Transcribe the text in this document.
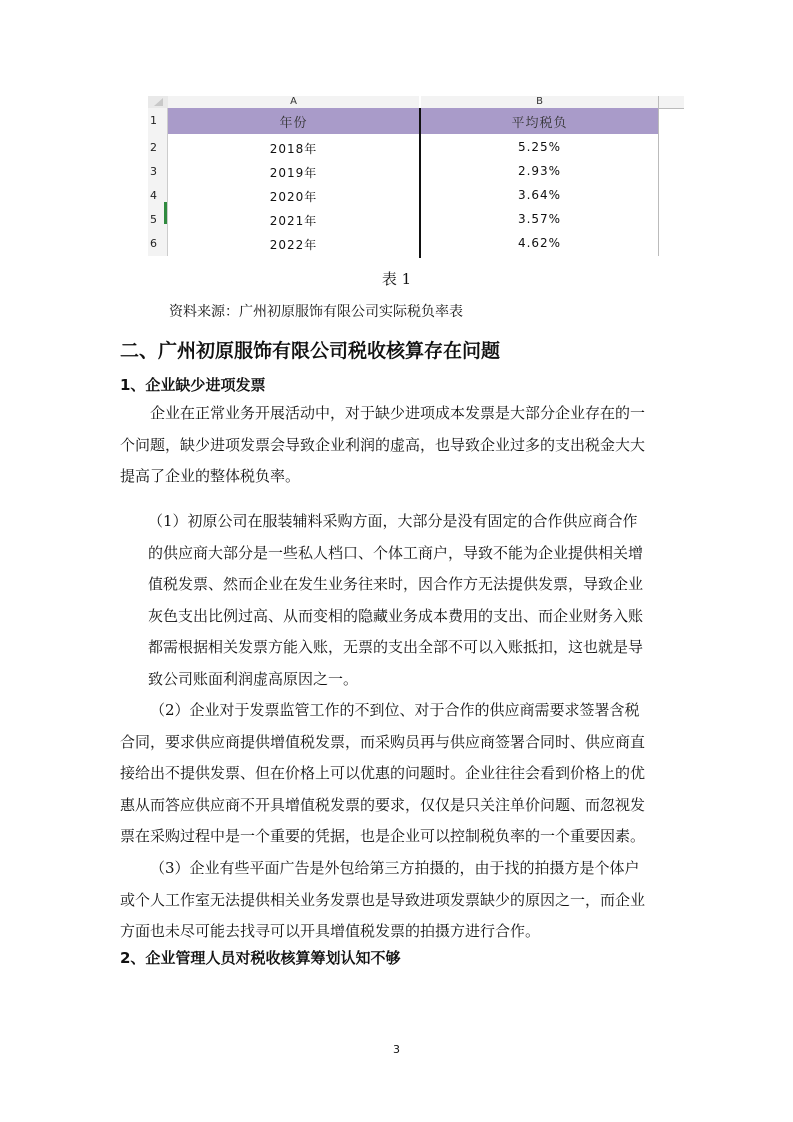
A	B
1
2
3
4
5
6
年份	平均税负
2018年	5.25%
2019年	2.93%
2020年	3.64%
2021年	3.57%
2022年	4.62%
表 1
资料来源：广州初原服饰有限公司实际税负率表
二、广州初原服饰有限公司税收核算存在问题
1、企业缺少进项发票
企业在正常业务开展活动中，对于缺少进项成本发票是大部分企业存在的一
个问题，缺少进项发票会导致企业利润的虚高，也导致企业过多的支出税金大大
提高了企业的整体税负率。
（1）初原公司在服装辅料采购方面，大部分是没有固定的合作供应商合作
的供应商大部分是一些私人档口、个体工商户，导致不能为企业提供相关增
值税发票、然而企业在发生业务往来时，因合作方无法提供发票，导致企业
灰色支出比例过高、从而变相的隐藏业务成本费用的支出、而企业财务入账
都需根据相关发票方能入账，无票的支出全部不可以入账抵扣，这也就是导
致公司账面利润虚高原因之一。
（2）企业对于发票监管工作的不到位、对于合作的供应商需要求签署含税
合同，要求供应商提供增值税发票，而采购员再与供应商签署合同时、供应商直
接给出不提供发票、但在价格上可以优惠的问题时。企业往往会看到价格上的优
惠从而答应供应商不开具增值税发票的要求，仅仅是只关注单价问题、而忽视发
票在采购过程中是一个重要的凭据，也是企业可以控制税负率的一个重要因素。
（3）企业有些平面广告是外包给第三方拍摄的，由于找的拍摄方是个体户
或个人工作室无法提供相关业务发票也是导致进项发票缺少的原因之一，而企业
方面也未尽可能去找寻可以开具增值税发票的拍摄方进行合作。
2、企业管理人员对税收核算筹划认知不够
3
